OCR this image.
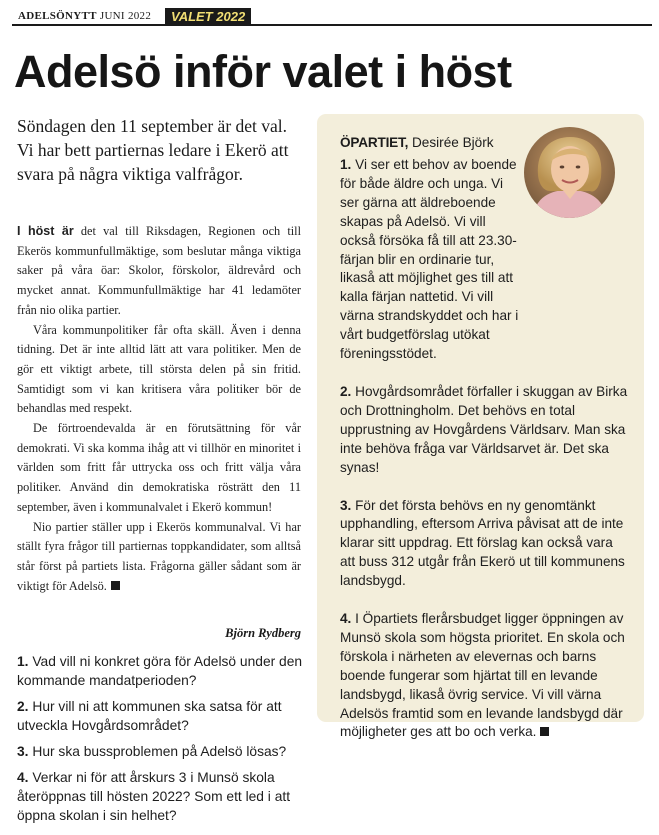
ADELSÖNYTT JUNI 2022	VALET 2022
Adelsö inför valet i höst
Söndagen den 11 september är det val. Vi har bett partiernas ledare i Ekerö att svara på några viktiga valfrågor.

I höst är det val till Riksdagen, Regionen och till Ekerös kommunfullmäktige, som beslutar många viktiga saker på våra öar: Skolor, förskolor, äldrevård och mycket annat. Kommunfullmäktige har 41 ledamöter från nio olika partier.

Våra kommunpolitiker får ofta skäll. Även i denna tidning. Det är inte alltid lätt att vara politiker. Men de gör ett viktigt arbete, till största delen på sin fritid. Samtidigt som vi kan kritisera våra politiker bör de behandlas med respekt.

De förtroendevalda är en förutsättning för vår demokrati. Vi ska komma ihåg att vi tillhör en minoritet i världen som fritt får uttrycka oss och fritt välja våra politiker. Använd din demokratiska rösträtt den 11 september, även i kommunalvalet i Ekerö kommun!

Nio partier ställer upp i Ekerös kommunalval. Vi har ställt fyra frågor till partiernas toppkandidater, som alltså står först på partiets lista. Frågorna gäller sådant som är viktigt för Adelsö.

Björn Rydberg

1. Vad vill ni konkret göra för Adelsö under den kommande mandatperioden?

2. Hur vill ni att kommunen ska satsa för att utveckla Hovgårdsområdet?

3. Hur ska bussproblemen på Adelsö lösas?

4. Verkar ni för att årskurs 3 i Munsö skola återöppnas till hösten 2022? Som ett led i att öppna skolan i sin helhet?

ÖPARTIET, Desirée Björk

1. Vi ser ett behov av boende för både äldre och unga. Vi ser gärna att äldreboende skapas på Adelsö. Vi vill också försöka få till att 23.30-färjan blir en ordinarie tur, likaså att möjlighet ges till att kalla färjan nattetid. Vi vill värna strandskyddet och har i vårt budgetförslag utökat föreningsstödet.

2. Hovgårdsområdet förfaller i skuggan av Birka och Drottningholm. Det behövs en total upprustning av Hovgårdens Världsarv. Man ska inte behöva fråga var Världsarvet är. Det ska synas!

3. För det första behövs en ny genomtänkt upphandling, eftersom Arriva påvisat att de inte klarar sitt uppdrag. Ett förslag kan också vara att buss 312 utgår från Ekerö ut till kommunens landsbygd.

4. I Öpartiets flerårsbudget ligger öppningen av Munsö skola som högsta prioritet. En skola och förskola i närheten av elevernas och barns boende fungerar som hjärtat till en levande landsbygd, likaså övrig service. Vi vill värna Adelsös framtid som en levande landsbygd där möjligheter ges att bo och verka.
